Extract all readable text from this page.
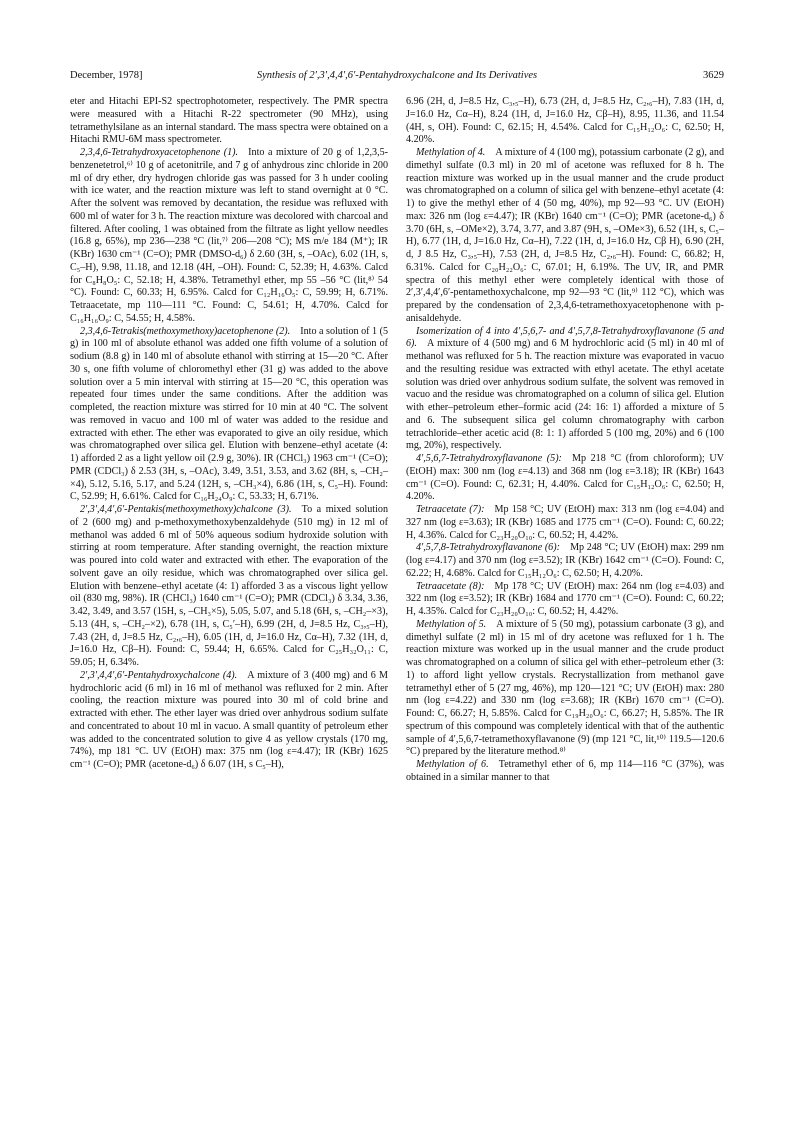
December, 1978]	Synthesis of 2′,3′,4,4′,6′-Pentahydroxychalcone and Its Derivatives	3629

eter and Hitachi EPI-S2 spectrophotometer, respectively. The PMR spectra were measured with a Hitachi R-22 spectrometer (90 MHz), using tetramethylsilane as an internal standard. The mass spectra were obtained on a Hitachi RMU-6M mass spectrometer.

2,3,4,6-Tetrahydroxyacetophenone (1).  Into a mixture of 20 g of 1,2,3,5-benzenetetrol,⁶⁾ 10 g of acetonitrile, and 7 g of anhydrous zinc chloride in 200 ml of dry ether, dry hydrogen chloride gas was passed for 3 h under cooling with ice water, and the reaction mixture was left to stand overnight at 0 °C. After the solvent was removed by decantation, the residue was refluxed with 600 ml of water for 3 h. The reaction mixture was decolored with charcoal and filtered. After cooling, 1 was obtained from the filtrate as light yellow needles (16.8 g, 65%), mp 236—238 °C (lit,⁷⁾ 206—208 °C); MS m/e 184 (M⁺); IR (KBr) 1630 cm⁻¹ (C=O); PMR (DMSO-d₆) δ 2.60 (3H, s, –OAc), 6.02 (1H, s, C₅–H), 9.98, 11.18, and 12.18 (4H, –OH). Found: C, 52.39; H, 4.63%. Calcd for C₈H₈O₅: C, 52.18; H, 4.38%. Tetramethyl ether, mp 55 –56 °C (lit,⁸⁾ 54 °C). Found: C, 60.33; H, 6.95%. Calcd for C₁₂H₁₆O₅: C, 59.99; H, 6.71%. Tetraacetate, mp 110—111 °C. Found: C, 54.61; H, 4.70%. Calcd for C₁₆H₁₆O₉: C, 54.55; H, 4.58%.

2,3,4,6-Tetrakis(methoxymethoxy)acetophenone (2).  Into a solution of 1 (5 g) in 100 ml of absolute ethanol was added one fifth volume of a solution of sodium (8.8 g) in 140 ml of absolute ethanol with stirring at 15—20 °C. After 30 s, one fifth volume of chloromethyl ether (31 g) was added to the above solution over a 5 min interval with stirring at 15—20 °C, this operation was repeated four times under the same conditions. After the addition was completed, the reaction mixture was stirred for 10 min at 40 °C. The solvent was removed in vacuo and 100 ml of water was added to the residue and extracted with ether. The ether was evaporated to give an oily residue, which was chromatographed over silica gel. Elution with benzene–ethyl acetate (4: 1) afforded 2 as a light yellow oil (2.9 g, 30%). IR (CHCl₃) 1963 cm⁻¹ (C=O); PMR (CDCl₃) δ 2.53 (3H, s, –OAc), 3.49, 3.51, 3.53, and 3.62 (8H, s, –CH₂–×4), 5.12, 5.16, 5.17, and 5.24 (12H, s, –CH₃×4), 6.86 (1H, s, C₅–H). Found: C, 52.99; H, 6.61%. Calcd for C₁₆H₂₄O₉: C, 53.33; H, 6.71%.

2′,3′,4,4′,6′-Pentakis(methoxymethoxy)chalcone (3).  To a mixed solution of 2 (600 mg) and p-methoxymethoxybenzaldehyde (510 mg) in 12 ml of methanol was added 6 ml of 50% aqueous sodium hydroxide solution with stirring at room temperature. After standing overnight, the reaction mixture was poured into cold water and extracted with ether. The evaporation of the solvent gave an oily residue, which was chromatographed over silica gel. Elution with benzene–ethyl acetate (4: 1) afforded 3 as a viscous light yellow oil (830 mg, 98%). IR (CHCl₃) 1640 cm⁻¹ (C=O); PMR (CDCl₃) δ 3.34, 3.36, 3.42, 3.49, and 3.57 (15H, s, –CH₃×5), 5.05, 5.07, and 5.18 (6H, s, –CH₂–×3), 5.13 (4H, s, –CH₂–×2), 6.78 (1H, s, C₅′–H), 6.99 (2H, d, J=8.5 Hz, C₃,₅–H), 7.43 (2H, d, J=8.5 Hz, C₂,₆–H), 6.05 (1H, d, J=16.0 Hz, Cα–H), 7.32 (1H, d, J=16.0 Hz, Cβ–H). Found: C, 59.44; H, 6.65%. Calcd for C₂₅H₃₂O₁₁: C, 59.05; H, 6.34%.

2′,3′,4,4′,6′-Pentahydroxychalcone (4).  A mixture of 3 (400 mg) and 6 M hydrochloric acid (6 ml) in 16 ml of methanol was refluxed for 2 min. After cooling, the reaction mixture was poured into 30 ml of cold brine and extracted with ether. The ether layer was dried over anhydrous sodium sulfate and concentrated to about 10 ml in vacuo. A small quantity of petroleum ether was added to the concentrated solution to give 4 as yellow crystals (170 mg, 74%), mp 181 °C. UV (EtOH) max: 375 nm (log ε=4.47); IR (KBr) 1625 cm⁻¹ (C=O); PMR (acetone-d₆) δ 6.07 (1H, s C₅–H),

6.96 (2H, d, J=8.5 Hz, C₃,₅–H), 6.73 (2H, d, J=8.5 Hz, C₂,₆–H), 7.83 (1H, d, J=16.0 Hz, Cα–H), 8.24 (1H, d, J=16.0 Hz, Cβ–H), 8.95, 11.36, and 11.54 (4H, s, OH). Found: C, 62.15; H, 4.54%. Calcd for C₁₅H₁₂O₆: C, 62.50; H, 4.20%.

Methylation of 4.  A mixture of 4 (100 mg), potassium carbonate (2 g), and dimethyl sulfate (0.3 ml) in 20 ml of acetone was refluxed for 8 h. The reaction mixture was worked up in the usual manner and the crude product was chromatographed on a column of silica gel with benzene–ethyl acetate (4: 1) to give the methyl ether of 4 (50 mg, 40%), mp 92—93 °C. UV (EtOH) max: 326 nm (log ε=4.47); IR (KBr) 1640 cm⁻¹ (C=O); PMR (acetone-d₆) δ 3.70 (6H, s, –OMe×2), 3.74, 3.77, and 3.87 (9H, s, –OMe×3), 6.52 (1H, s, C₅–H), 6.77 (1H, d, J=16.0 Hz, Cα–H), 7.22 (1H, d, J=16.0 Hz, Cβ H), 6.90 (2H, d, J 8.5 Hz, C₃,₅–H), 7.53 (2H, d, J=8.5 Hz, C₂,₆–H). Found: C, 66.82; H, 6.31%. Calcd for C₂₀H₂₂O₆: C, 67.01; H, 6.19%. The UV, IR, and PMR spectra of this methyl ether were completely identical with those of 2′,3′,4,4′,6′-pentamethoxychalcone, mp 92—93 °C (lit,⁹⁾ 112 °C), which was prepared by the condensation of 2,3,4,6-tetramethoxyacetophenone with p-anisaldehyde.

Isomerization of 4 into 4′,5,6,7- and 4′,5,7,8-Tetrahydroxyflavanone (5 and 6).  A mixture of 4 (500 mg) and 6 M hydrochloric acid (5 ml) in 40 ml of methanol was refluxed for 5 h. The reaction mixture was evaporated in vacuo and the resulting residue was extracted with ethyl acetate. The ethyl acetate solution was dried over anhydrous sodium sulfate, the solvent was removed in vacuo and the residue was chromatographed on a column of silica gel. Elution with ether–petroleum ether–formic acid (24: 16: 1) afforded a mixture of 5 and 6. The subsequent silica gel column chromatography with carbon tetrachloride–ether acetic acid (8: 1: 1) afforded 5 (100 mg, 20%) and 6 (100 mg, 20%), respectively.

4′,5,6,7-Tetrahydroxyflavanone (5):  Mp 218 °C (from chloroform); UV (EtOH) max: 300 nm (log ε=4.13) and 368 nm (log ε=3.18); IR (KBr) 1643 cm⁻¹ (C=O). Found: C, 62.31; H, 4.40%. Calcd for C₁₅H₁₂O₆: C, 62.50; H, 4.20%.

Tetraacetate (7):  Mp 158 °C; UV (EtOH) max: 313 nm (log ε=4.04) and 327 nm (log ε=3.63); IR (KBr) 1685 and 1775 cm⁻¹ (C=O). Found: C, 60.22; H, 4.36%. Calcd for C₂₃H₂₀O₁₀: C, 60.52; H, 4.42%.

4′,5,7,8-Tetrahydroxyflavanone (6):  Mp 248 °C; UV (EtOH) max: 299 nm (log ε=4.17) and 370 nm (log ε=3.52); IR (KBr) 1642 cm⁻¹ (C=O). Found: C, 62.22; H, 4.68%. Calcd for C₁₅H₁₂O₆: C, 62.50; H, 4.20%.

Tetraacetate (8):  Mp 178 °C; UV (EtOH) max: 264 nm (log ε=4.03) and 322 nm (log ε=3.52); IR (KBr) 1684 and 1770 cm⁻¹ (C=O). Found: C, 60.22; H, 4.35%. Calcd for C₂₃H₂₀O₁₀: C, 60.52; H, 4.42%.

Methylation of 5.  A mixture of 5 (50 mg), potassium carbonate (3 g), and dimethyl sulfate (2 ml) in 15 ml of dry acetone was refluxed for 1 h. The reaction mixture was worked up in the usual manner and the crude product was chromatographed on a column of silica gel with ether–petroleum ether (3: 1) to afford light yellow crystals. Recrystallization from methanol gave tetramethyl ether of 5 (27 mg, 46%), mp 120—121 °C; UV (EtOH) max: 280 nm (log ε=4.22) and 330 nm (log ε=3.68); IR (KBr) 1670 cm⁻¹ (C=O). Found: C, 66.27; H, 5.85%. Calcd for C₁₉H₂₀O₆: C, 66.27; H, 5.85%. The IR spectrum of this compound was completely identical with that of the authentic sample of 4′,5,6,7-tetramethoxyflavanone (9) (mp 121 °C, lit,¹⁰⁾ 119.5—120.6 °C) prepared by the literature method.⁸⁾

Methylation of 6.  Tetramethyl ether of 6, mp 114—116 °C (37%), was obtained in a similar manner to that
